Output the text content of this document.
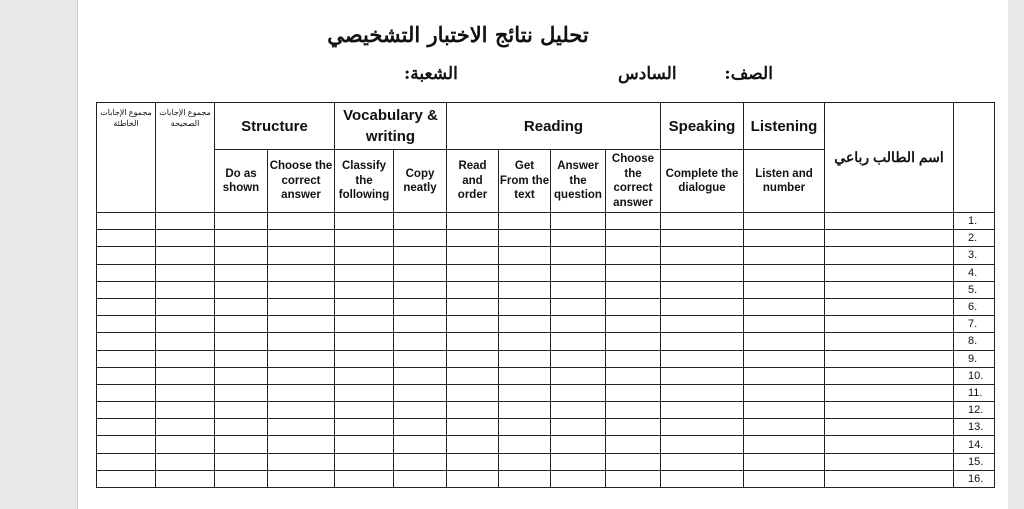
تحليل نتائج الاختبار التشخيصي
الصف:  السادس
الشعبة:
مجموع الإجابات الخاطئة	مجموع الإجابات الصحيحة	Structure		Vocabulary & writing		Reading				Speaking	Listening	اسم الطالب رباعي	
		Do as shown	Choose the correct answer	Classify the following	Copy neatly	Read and order	Get From the text	Answer the question	Choose the correct answer	Complete the dialogue	Listen and number		
													1.
													2.
													3.
													4.
													5.
													6.
													7.
													8.
													9.
													10.
													11.
													12.
													13.
													14.
													15.
													16.
